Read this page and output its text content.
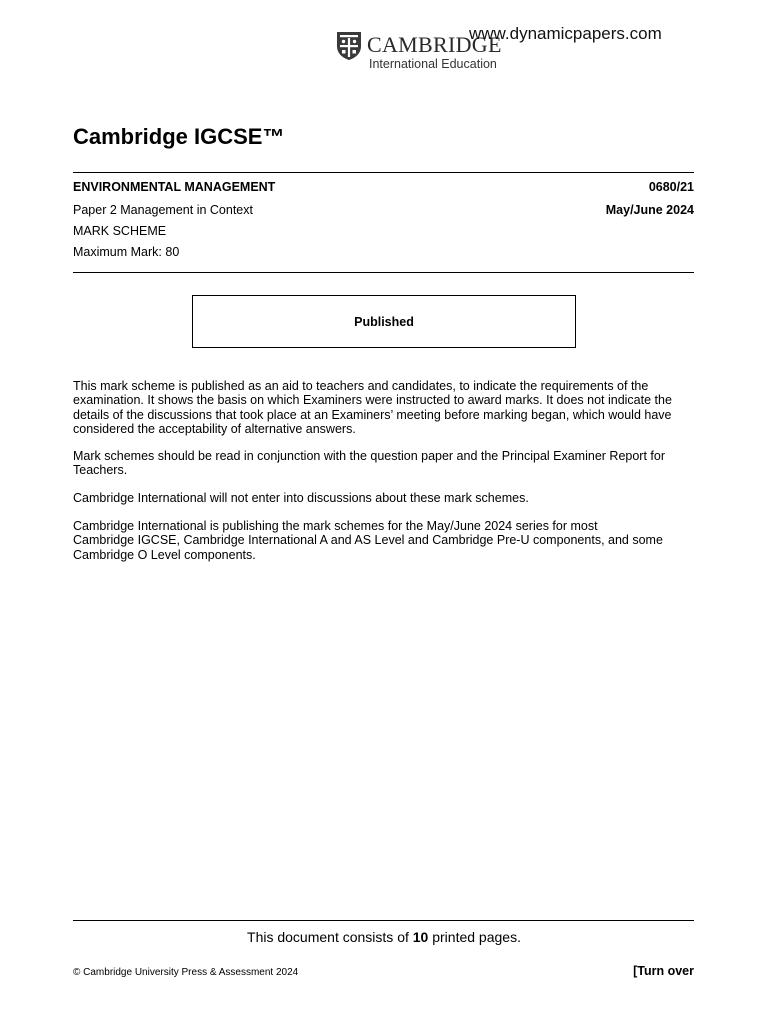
CAMBRIDGE
International Education
www.dynamicpapers.com
Cambridge IGCSE™
ENVIRONMENTAL MANAGEMENT	0680/21
Paper 2 Management in Context	May/June 2024
MARK SCHEME
Maximum Mark: 80
Published
This mark scheme is published as an aid to teachers and candidates, to indicate the requirements of the
examination. It shows the basis on which Examiners were instructed to award marks. It does not indicate the
details of the discussions that took place at an Examiners’ meeting before marking began, which would have
considered the acceptability of alternative answers.
Mark schemes should be read in conjunction with the question paper and the Principal Examiner Report for
Teachers.
Cambridge International will not enter into discussions about these mark schemes.
Cambridge International is publishing the mark schemes for the May/June 2024 series for most
Cambridge IGCSE, Cambridge International A and AS Level and Cambridge Pre-U components, and some
Cambridge O Level components.
This document consists of 10 printed pages.
© Cambridge University Press & Assessment 2024	[Turn over
